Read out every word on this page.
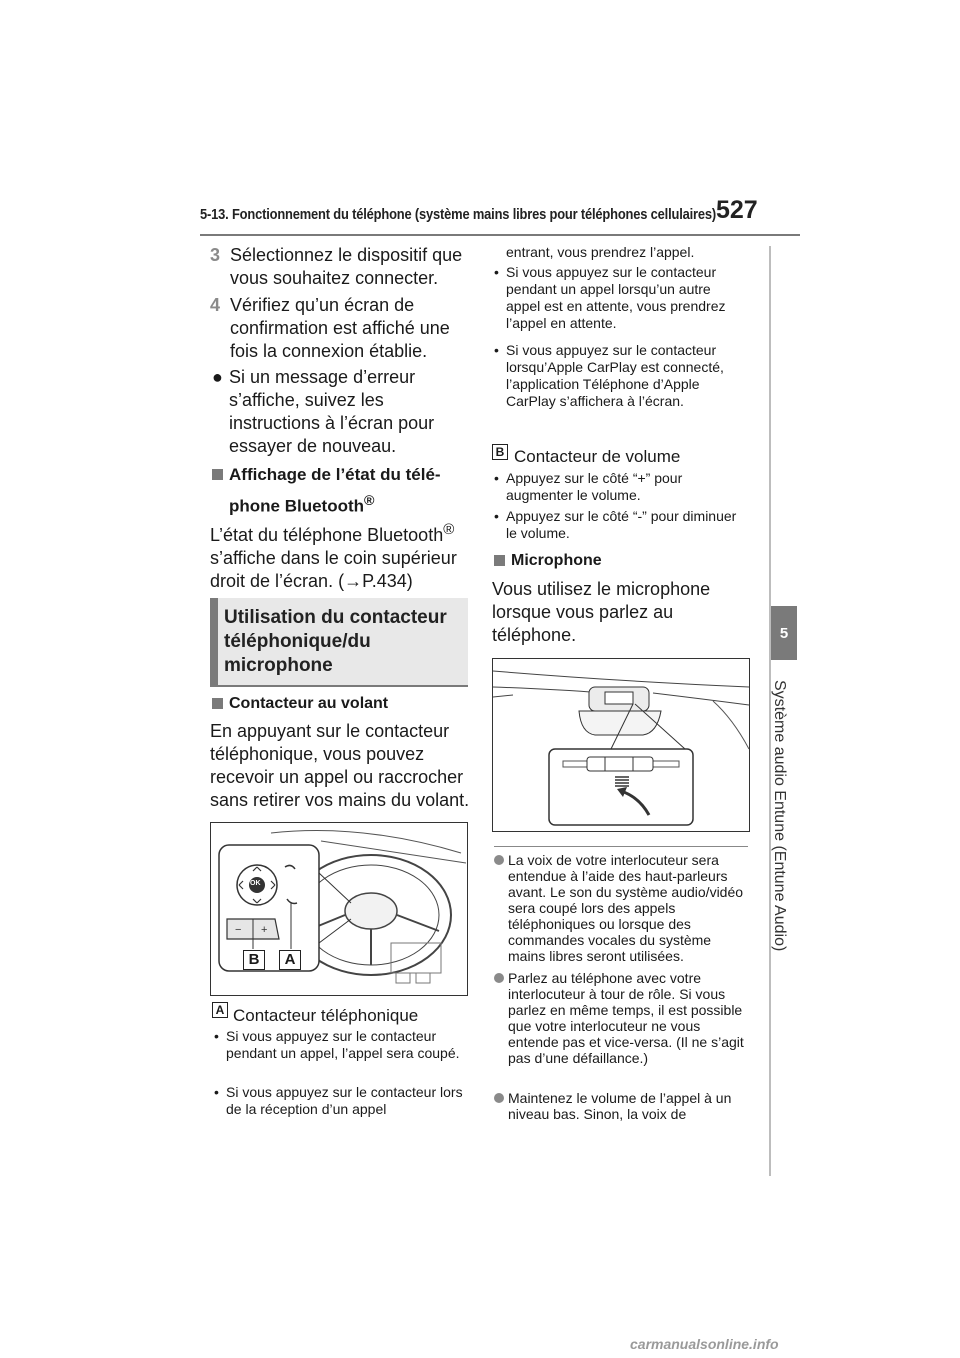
5-13. Fonctionnement du téléphone (système mains libres pour téléphones cellulaires) 527
5
Système audio Entune (Entune Audio)
3 Sélectionnez le dispositif que vous souhaitez connecter.
4 Vérifiez qu’un écran de confirmation est affiché une fois la connexion établie.
● Si un message d’erreur s’affiche, suivez les instructions à l’écran pour essayer de nouveau.
Affichage de l’état du télé-
phone Bluetooth®
L’état du téléphone Bluetooth® s’affiche dans le coin supérieur droit de l’écran. (→P.434)
Utilisation du contacteur téléphonique/du microphone
Contacteur au volant
En appuyant sur le contacteur téléphonique, vous pouvez recevoir un appel ou raccrocher sans retirer vos mains du volant.
− +
B	A
OK
A Contacteur téléphonique
• Si vous appuyez sur le contacteur pendant un appel, l’appel sera coupé.
• Si vous appuyez sur le contacteur lors de la réception d’un appel
entrant, vous prendrez l’appel.
• Si vous appuyez sur le contacteur pendant un appel lorsqu’un autre appel est en attente, vous prendrez l’appel en attente.
• Si vous appuyez sur le contacteur lorsqu’Apple CarPlay est connecté, l’application Téléphone d’Apple CarPlay s’affichera à l’écran.
B Contacteur de volume
• Appuyez sur le côté “+” pour augmenter le volume.
• Appuyez sur le côté “-” pour diminuer le volume.
Microphone
Vous utilisez le microphone lorsque vous parlez au téléphone.
La voix de votre interlocuteur sera entendue à l’aide des haut-parleurs avant. Le son du système audio/vidéo sera coupé lors des appels téléphoniques ou lorsque des commandes vocales du système mains libres seront utilisées.
Parlez au téléphone avec votre interlocuteur à tour de rôle. Si vous parlez en même temps, il est possible que votre interlocuteur ne vous entende pas et vice-versa. (Il ne s’agit pas d’une défaillance.)
Maintenez le volume de l’appel à un niveau bas. Sinon, la voix de
carmanualsonline.info
